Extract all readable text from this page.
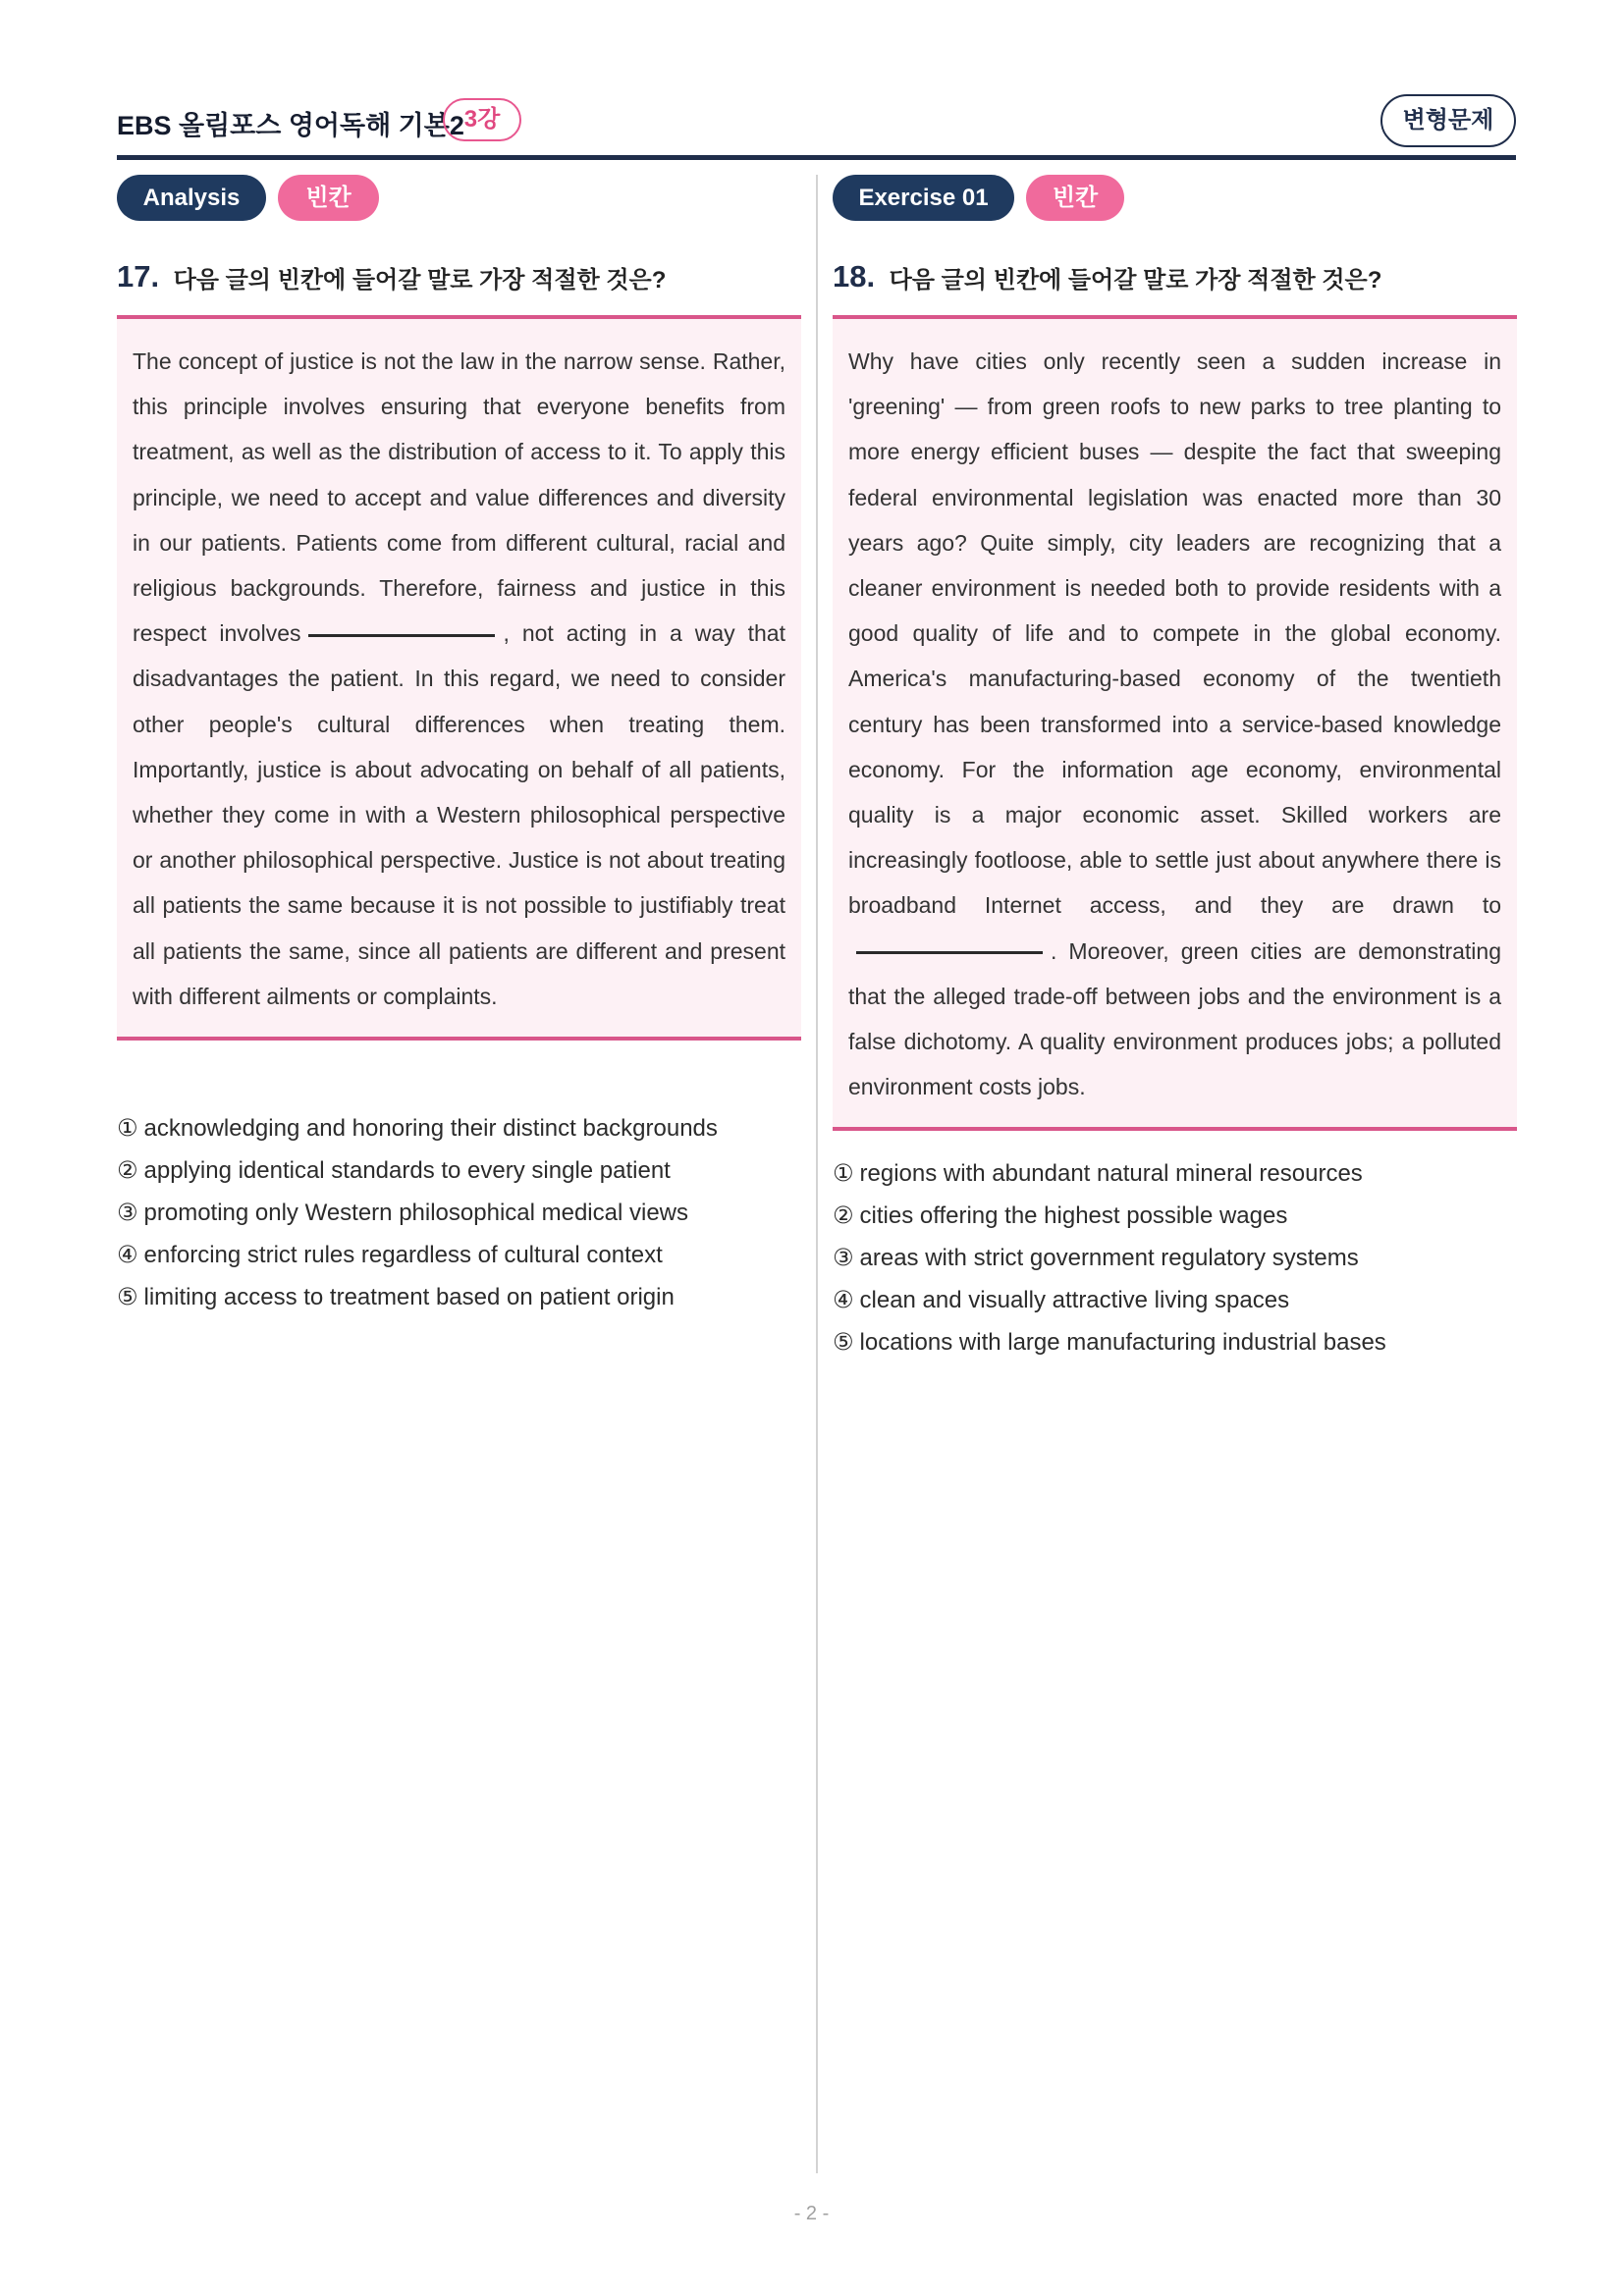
EBS 올림포스 영어독해 기본2 3강	변형문제
Analysis	빈칸
17. 다음 글의 빈칸에 들어갈 말로 가장 적절한 것은?

The concept of justice is not the law in the narrow sense. Rather, this principle involves ensuring that everyone benefits from treatment, as well as the distribution of access to it. To apply this principle, we need to accept and value differences and diversity in our patients. Patients come from different cultural, racial and religious backgrounds. Therefore, fairness and justice in this respect involves	, not acting in a way that disadvantages the patient. In this regard, we need to consider other people's cultural differences when treating them. Importantly, justice is about advocating on behalf of all patients, whether they come in with a Western philosophical perspective or another philosophical perspective. Justice is not about treating all patients the same because it is not possible to justifiably treat all patients the same, since all patients are different and present with different ailments or complaints.

① acknowledging and honoring their distinct backgrounds
② applying identical standards to every single patient
③ promoting only Western philosophical medical views
④ enforcing strict rules regardless of cultural context
⑤ limiting access to treatment based on patient origin
Exercise 01	빈칸
18. 다음 글의 빈칸에 들어갈 말로 가장 적절한 것은?

Why have cities only recently seen a sudden increase in 'greening' — from green roofs to new parks to tree planting to more energy efficient buses — despite the fact that sweeping federal environmental legislation was enacted more than 30 years ago? Quite simply, city leaders are recognizing that a cleaner environment is needed both to provide residents with a good quality of life and to compete in the global economy. America's manufacturing-based economy of the twentieth century has been transformed into a service-based knowledge economy. For the information age economy, environmental quality is a major economic asset. Skilled workers are increasingly footloose, able to settle just about anywhere there is broadband Internet access, and they are drawn to. Moreover, green cities are demonstrating that the alleged trade-off between jobs and the environment is a false dichotomy. A quality environment produces jobs; a polluted environment costs jobs.

① regions with abundant natural mineral resources
② cities offering the highest possible wages
③ areas with strict government regulatory systems
④ clean and visually attractive living spaces
⑤ locations with large manufacturing industrial bases
- 2 -
